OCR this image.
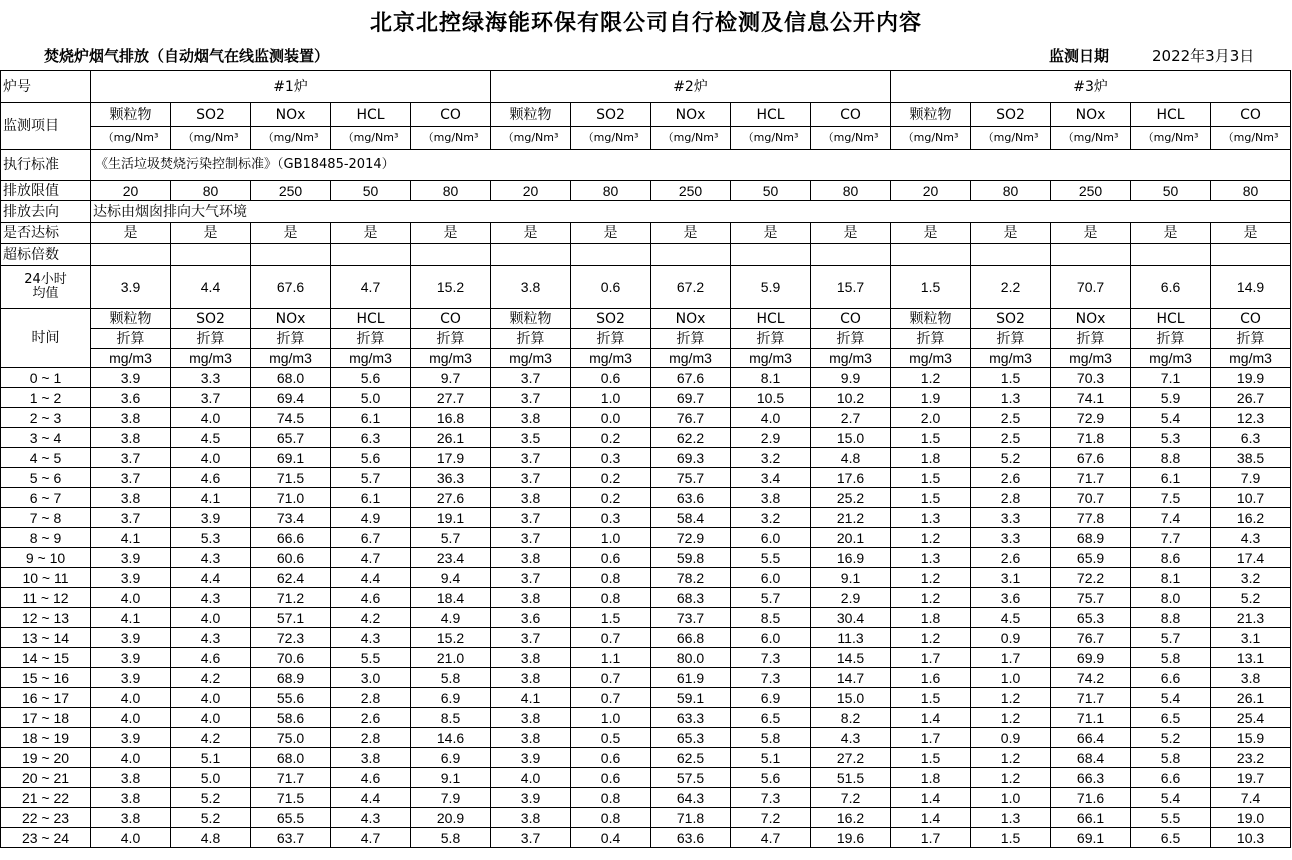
北京北控绿海能环保有限公司自行检测及信息公开内容
焚烧炉烟气排放（自动烟气在线监测装置）	监测日期	2022年3月3日
炉号	#1炉					#2炉					#3炉				
监测项目	颗粒物	SO2	NOx	HCL	CO	颗粒物	SO2	NOx	HCL	CO	颗粒物	SO2	NOx	HCL	CO
	（mg/Nm³	（mg/Nm³	（mg/Nm³	（mg/Nm³	（mg/Nm³	（mg/Nm³	（mg/Nm³	（mg/Nm³	（mg/Nm³	（mg/Nm³	（mg/Nm³	（mg/Nm³	（mg/Nm³	（mg/Nm³	（mg/Nm³
执行标准	《生活垃圾焚烧污染控制标准》（GB18485-2014）														
排放限值	20	80	250	50	80	20	80	250	50	80	20	80	250	50	80
排放去向	达标由烟囱排向大气环境														
是否达标	是	是	是	是	是	是	是	是	是	是	是	是	是	是	是
超标倍数															

24小时
均值	3.9	4.4	67.6	4.7	15.2	3.8	0.6	67.2	5.9	15.7	1.5	2.2	70.7	6.6	14.9
时间	颗粒物	SO2	NOx	HCL	CO	颗粒物	SO2	NOx	HCL	CO	颗粒物	SO2	NOx	HCL	CO
	折算	折算	折算	折算	折算	折算	折算	折算	折算	折算	折算	折算	折算	折算	折算
	mg/m3	mg/m3	mg/m3	mg/m3	mg/m3	mg/m3	mg/m3	mg/m3	mg/m3	mg/m3	mg/m3	mg/m3	mg/m3	mg/m3	mg/m3
0 ~ 1	3.9	3.3	68.0	5.6	9.7	3.7	0.6	67.6	8.1	9.9	1.2	1.5	70.3	7.1	19.9
1 ~ 2	3.6	3.7	69.4	5.0	27.7	3.7	1.0	69.7	10.5	10.2	1.9	1.3	74.1	5.9	26.7
2 ~ 3	3.8	4.0	74.5	6.1	16.8	3.8	0.0	76.7	4.0	2.7	2.0	2.5	72.9	5.4	12.3
3 ~ 4	3.8	4.5	65.7	6.3	26.1	3.5	0.2	62.2	2.9	15.0	1.5	2.5	71.8	5.3	6.3
4 ~ 5	3.7	4.0	69.1	5.6	17.9	3.7	0.3	69.3	3.2	4.8	1.8	5.2	67.6	8.8	38.5
5 ~ 6	3.7	4.6	71.5	5.7	36.3	3.7	0.2	75.7	3.4	17.6	1.5	2.6	71.7	6.1	7.9
6 ~ 7	3.8	4.1	71.0	6.1	27.6	3.8	0.2	63.6	3.8	25.2	1.5	2.8	70.7	7.5	10.7
7 ~ 8	3.7	3.9	73.4	4.9	19.1	3.7	0.3	58.4	3.2	21.2	1.3	3.3	77.8	7.4	16.2
8 ~ 9	4.1	5.3	66.6	6.7	5.7	3.7	1.0	72.9	6.0	20.1	1.2	3.3	68.9	7.7	4.3
9 ~ 10	3.9	4.3	60.6	4.7	23.4	3.8	0.6	59.8	5.5	16.9	1.3	2.6	65.9	8.6	17.4
10 ~ 11	3.9	4.4	62.4	4.4	9.4	3.7	0.8	78.2	6.0	9.1	1.2	3.1	72.2	8.1	3.2
11 ~ 12	4.0	4.3	71.2	4.6	18.4	3.8	0.8	68.3	5.7	2.9	1.2	3.6	75.7	8.0	5.2
12 ~ 13	4.1	4.0	57.1	4.2	4.9	3.6	1.5	73.7	8.5	30.4	1.8	4.5	65.3	8.8	21.3
13 ~ 14	3.9	4.3	72.3	4.3	15.2	3.7	0.7	66.8	6.0	11.3	1.2	0.9	76.7	5.7	3.1
14 ~ 15	3.9	4.6	70.6	5.5	21.0	3.8	1.1	80.0	7.3	14.5	1.7	1.7	69.9	5.8	13.1
15 ~ 16	3.9	4.2	68.9	3.0	5.8	3.8	0.7	61.9	7.3	14.7	1.6	1.0	74.2	6.6	3.8
16 ~ 17	4.0	4.0	55.6	2.8	6.9	4.1	0.7	59.1	6.9	15.0	1.5	1.2	71.7	5.4	26.1
17 ~ 18	4.0	4.0	58.6	2.6	8.5	3.8	1.0	63.3	6.5	8.2	1.4	1.2	71.1	6.5	25.4
18 ~ 19	3.9	4.2	75.0	2.8	14.6	3.8	0.5	65.3	5.8	4.3	1.7	0.9	66.4	5.2	15.9
19 ~ 20	4.0	5.1	68.0	3.8	6.9	3.9	0.6	62.5	5.1	27.2	1.5	1.2	68.4	5.8	23.2
20 ~ 21	3.8	5.0	71.7	4.6	9.1	4.0	0.6	57.5	5.6	51.5	1.8	1.2	66.3	6.6	19.7
21 ~ 22	3.8	5.2	71.5	4.4	7.9	3.9	0.8	64.3	7.3	7.2	1.4	1.0	71.6	5.4	7.4
22 ~ 23	3.8	5.2	65.5	4.3	20.9	3.8	0.8	71.8	7.2	16.2	1.4	1.3	66.1	5.5	19.0
23 ~ 24	4.0	4.8	63.7	4.7	5.8	3.7	0.4	63.6	4.7	19.6	1.7	1.5	69.1	6.5	10.3
